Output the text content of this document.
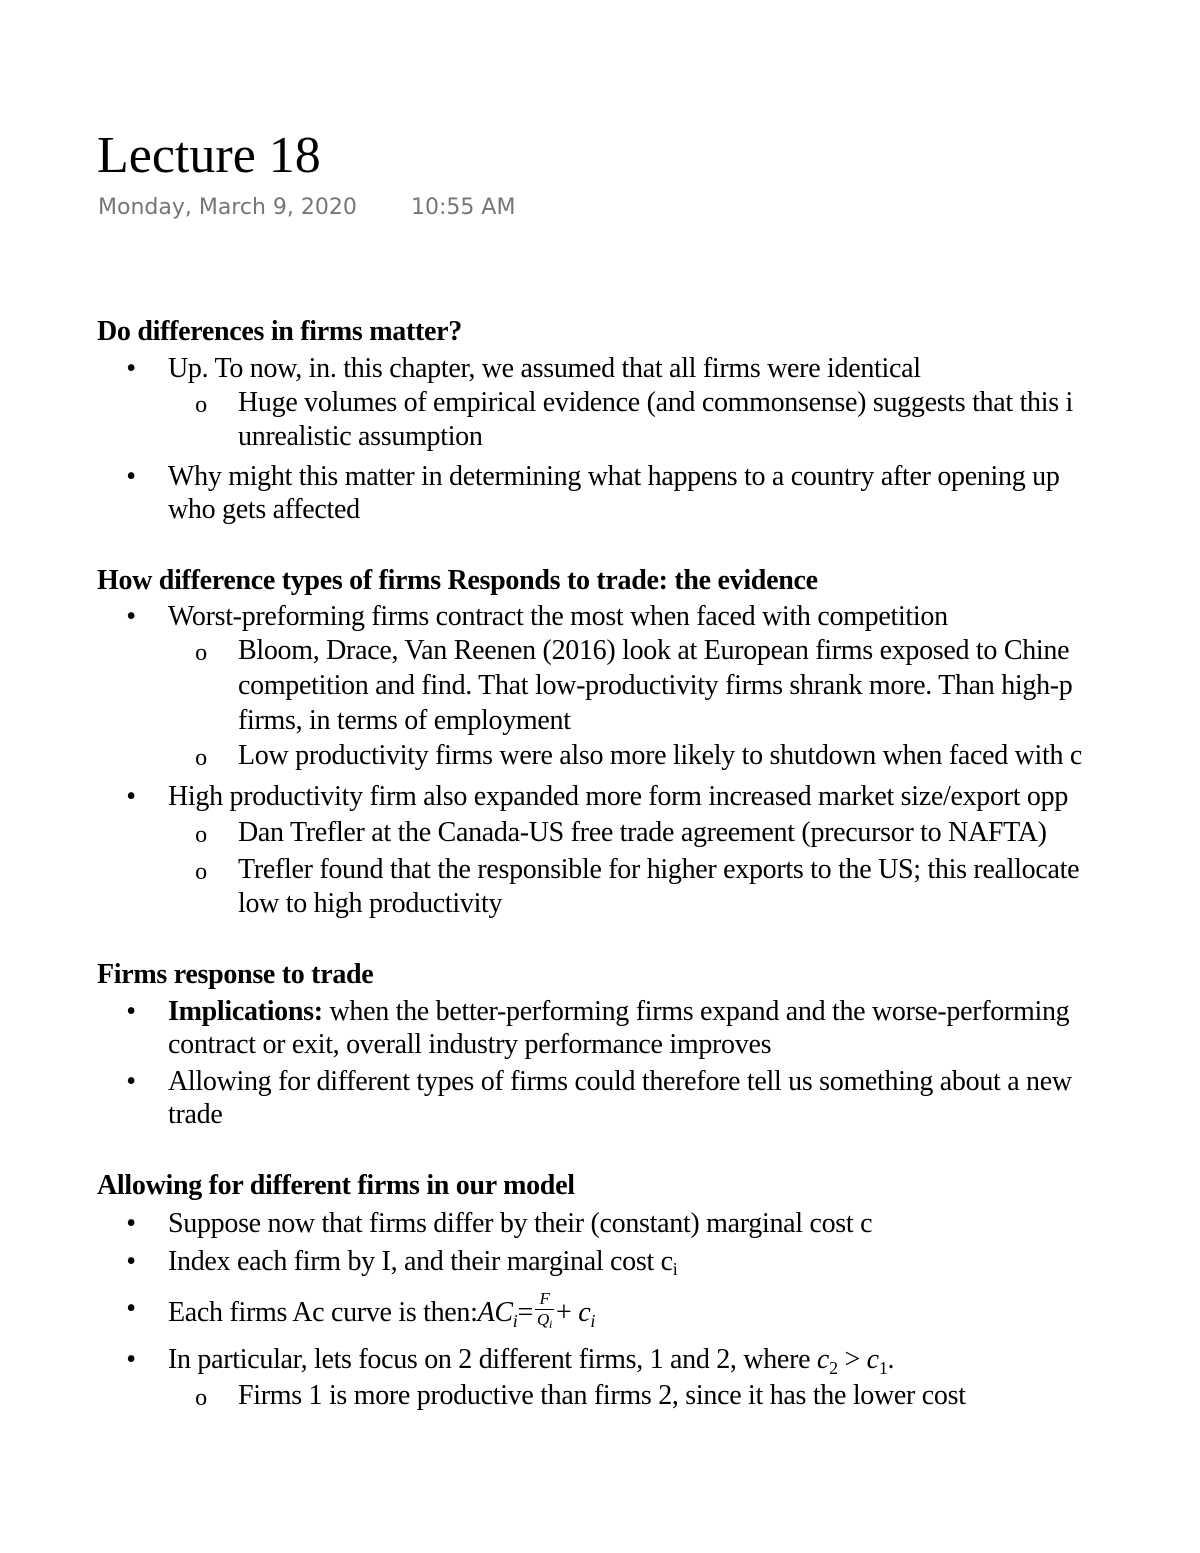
Lecture 18
Monday, March 9, 2020 10:55 AM
Do differences in firms matter?
• Up. To now, in. this chapter, we assumed that all firms were identical
o Huge volumes of empirical evidence (and commonsense) suggests that this i
unrealistic assumption
• Why might this matter in determining what happens to a country after opening up
who gets affected
How difference types of firms Responds to trade: the evidence
• Worst-preforming firms contract the most when faced with competition
o Bloom, Drace, Van Reenen (2016) look at European firms exposed to Chine
competition and find. That low-productivity firms shrank more. Than high-p
firms, in terms of employment
o Low productivity firms were also more likely to shutdown when faced with c
• High productivity firm also expanded more form increased market size/export opp
o Dan Trefler at the Canada-US free trade agreement (precursor to NAFTA)
o Trefler found that the responsible for higher exports to the US; this reallocate
low to high productivity
Firms response to trade
• Implications: when the better-performing firms expand and the worse-performing
contract or exit, overall industry performance improves
• Allowing for different types of firms could therefore tell us something about a new
trade
Allowing for different firms in our model
• Suppose now that firms differ by their (constant) marginal cost c
• Index each firm by I, and their marginal cost ci
• Each firms Ac curve is $then:AC_i= \frac{F}{Qi} + c_i$
• In particular, lets focus on 2 different firms, 1 and 2, where $c_2 > c_1$.
o Firms 1 is more productive than firms 2, since it has the lower cost
